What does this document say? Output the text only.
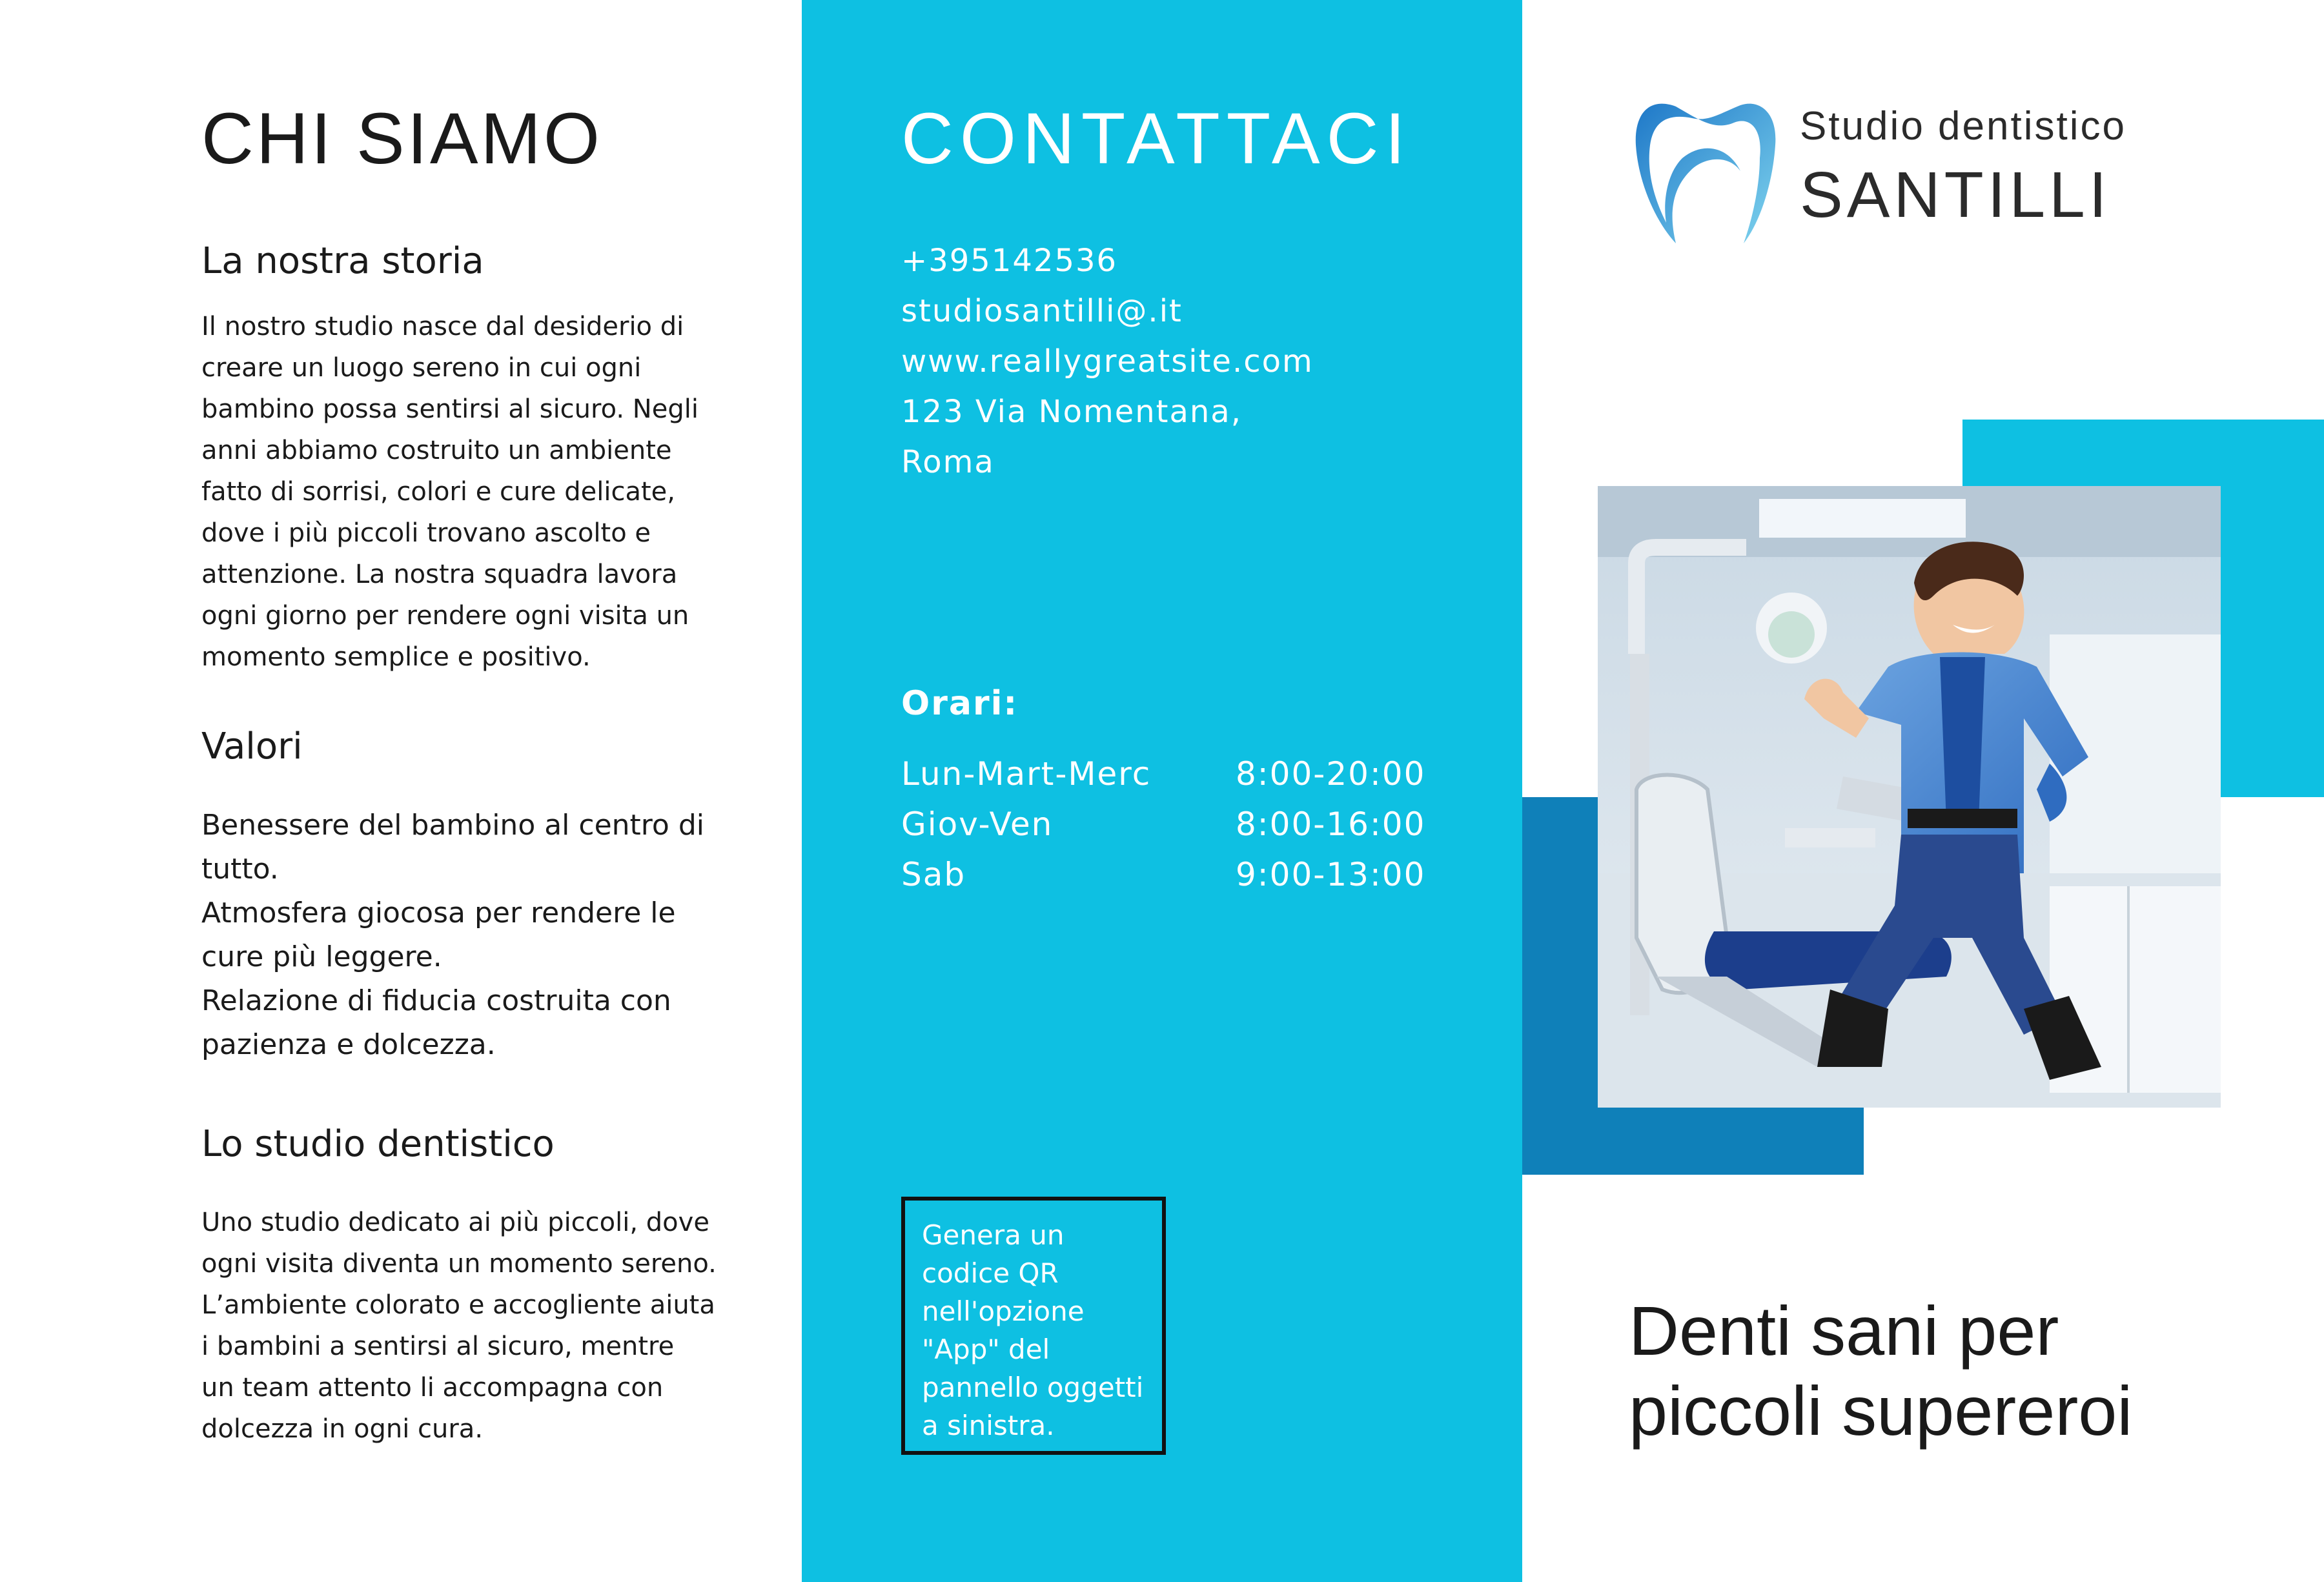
CHI SIAMO
La nostra storia
Il nostro studio nasce dal desiderio di
creare un luogo sereno in cui ogni
bambino possa sentirsi al sicuro. Negli
anni abbiamo costruito un ambiente
fatto di sorrisi, colori e cure delicate,
dove i più piccoli trovano ascolto e
attenzione. La nostra squadra lavora
ogni giorno per rendere ogni visita un
momento semplice e positivo.
Valori
Benessere del bambino al centro di
tutto.
Atmosfera giocosa per rendere le
cure più leggere.
Relazione di fiducia costruita con
pazienza e dolcezza.
Lo studio dentistico
Uno studio dedicato ai più piccoli, dove
ogni visita diventa un momento sereno.
L’ambiente colorato e accogliente aiuta
i bambini a sentirsi al sicuro, mentre
un team attento li accompagna con
dolcezza in ogni cura.
CONTATTACI
+395142536
studiosantilli@.it
www.reallygreatsite.com
123 Via Nomentana,
Roma
Orari:
Lun-Mart-Merc	8:00-20:00
Giov-Ven	8:00-16:00
Sab	9:00-13:00
Genera un
codice QR
nell'opzione
"App" del
pannello oggetti
a sinistra.
Studio dentistico
SANTILLI
Denti sani per
piccoli supereroi
